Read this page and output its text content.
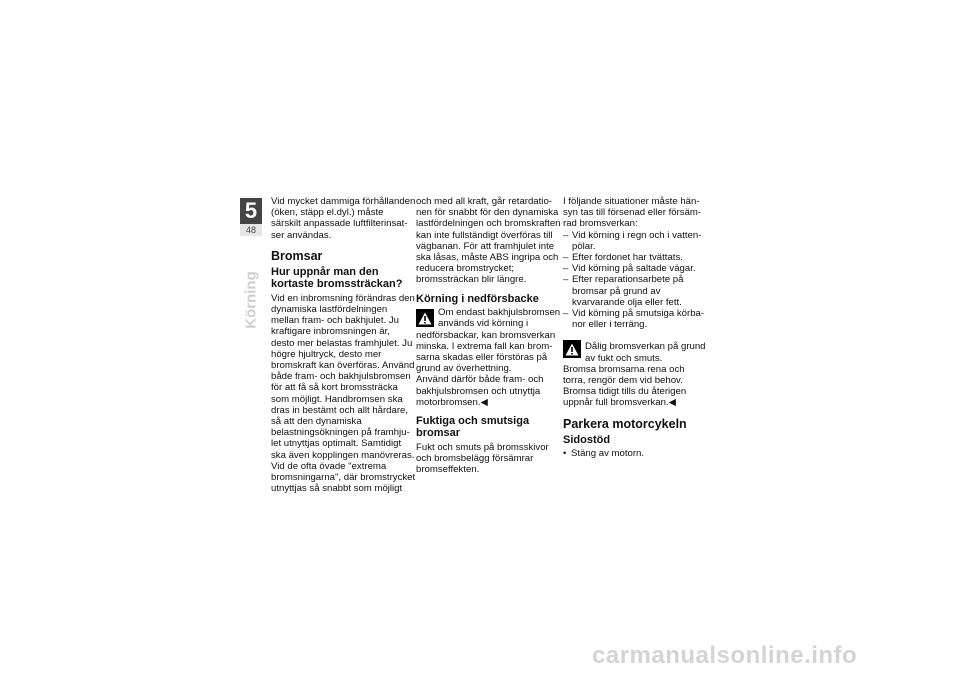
5
48
Körning

Vid mycket dammiga förhållanden (öken, stäpp el.dyl.) måste särskilt anpassade luftfilterinsatser användas.

Bromsar
Hur uppnår man den kortaste bromssträckan?

Vid en inbromsning förändras den dynamiska lastfördelningen mellan fram- och bakhjulet. Ju kraftigare inbromsningen är, desto mer belastas framhjulet. Ju högre hjultryck, desto mer bromskraft kan överföras. Använd både fram- och bakhjulsbromsen för att få så kort bromssträcka som möjligt. Handbromsen ska dras in bestämt och allt hårdare, så att den dynamiska belastningsökningen på framhjulet utnyttjas optimalt. Samtidigt ska även kopplingen manövreras. Vid de ofta övade "extrema bromsningarna", där bromstrycket utnyttjas så snabbt som möjligt

och med all kraft, går retardationen för snabbt för den dynamiska lastfördelningen och bromskraften kan inte fullständigt överföras till vägbanan. För att framhjulet inte ska låsas, måste ABS ingripa och reducera bromstrycket; bromssträckan blir längre.

Körning i nedförsbacke

Om endast bakhjulsbromsen används vid körning i nedförsbackar, kan bromsverkan minska. I extrema fall kan bromsarna skadas eller förstöras på grund av överhettning.

Använd därför både fram- och bakhjulsbromsen och utnyttja motorbromsen.◀

Fuktiga och smutsiga bromsar

Fukt och smuts på bromsskivor och bromsbelägg försämrar bromseffekten.

I följande situationer måste hänsyn tas till försenad eller försämrad bromsverkan:

– Vid körning i regn och i vattenpölar.
– Efter fordonet har tvättats.
– Vid körning på saltade vägar.
– Efter reparationsarbete på bromsar på grund av kvarvarande olja eller fett.
– Vid körning på smutsiga körbanor eller i terräng.

Dålig bromsverkan på grund av fukt och smuts.

Bromsa bromsarna rena och torra, rengör dem vid behov. Bromsa tidigt tills du återigen uppnår full bromsverkan.◀

Parkera motorcykeln
Sidostöd
• Stäng av motorn.
carmanualsonline.info
